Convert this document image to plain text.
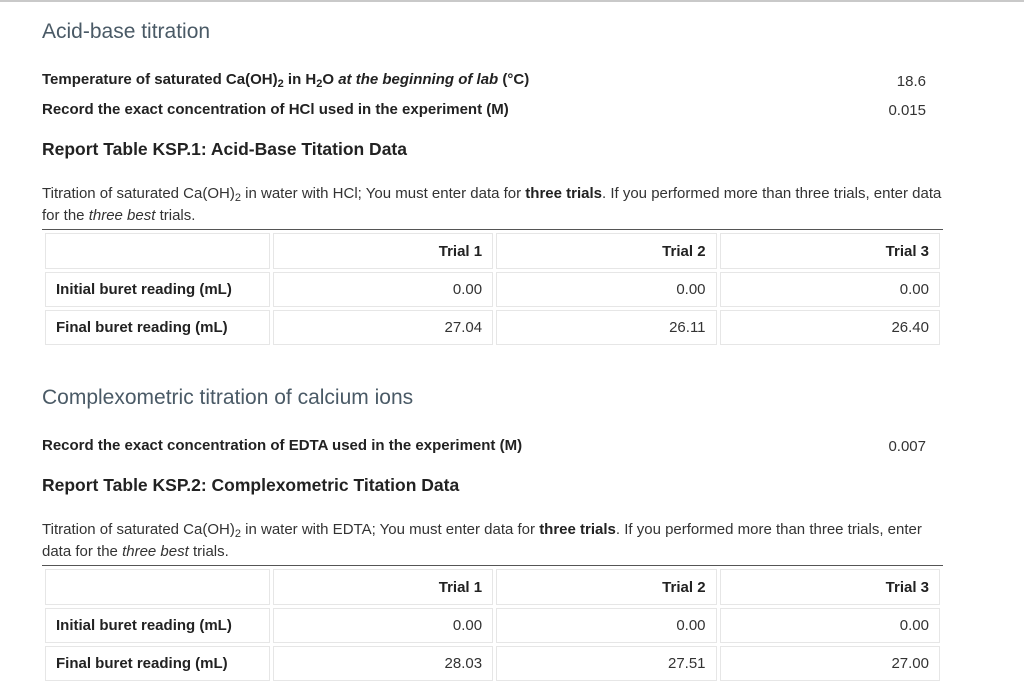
Acid-base titration
Temperature of saturated $Ca(OH)_2$ in $H_2O$ at the beginning of lab (°C)	18.6
Record the exact concentration of HCl used in the experiment (M)	0.015
Report Table KSP.1: Acid-Base Titation Data
Titration of saturated $Ca(OH)_2$ in water with HCl; You must enter data for three trials. If you performed more than three trials, enter data for the three best trials.
	Trial 1	Trial 2	Trial 3
Initial buret reading (mL)	0.00	0.00	0.00
Final buret reading (mL)	27.04	26.11	26.40
Complexometric titration of calcium ions
Record the exact concentration of EDTA used in the experiment (M)	0.007
Report Table KSP.2: Complexometric Titation Data
Titration of saturated $Ca(OH)_2$ in water with EDTA; You must enter data for three trials. If you performed more than three trials, enter data for the three best trials.
	Trial 1	Trial 2	Trial 3
Initial buret reading (mL)	0.00	0.00	0.00
Final buret reading (mL)	28.03	27.51	27.00
